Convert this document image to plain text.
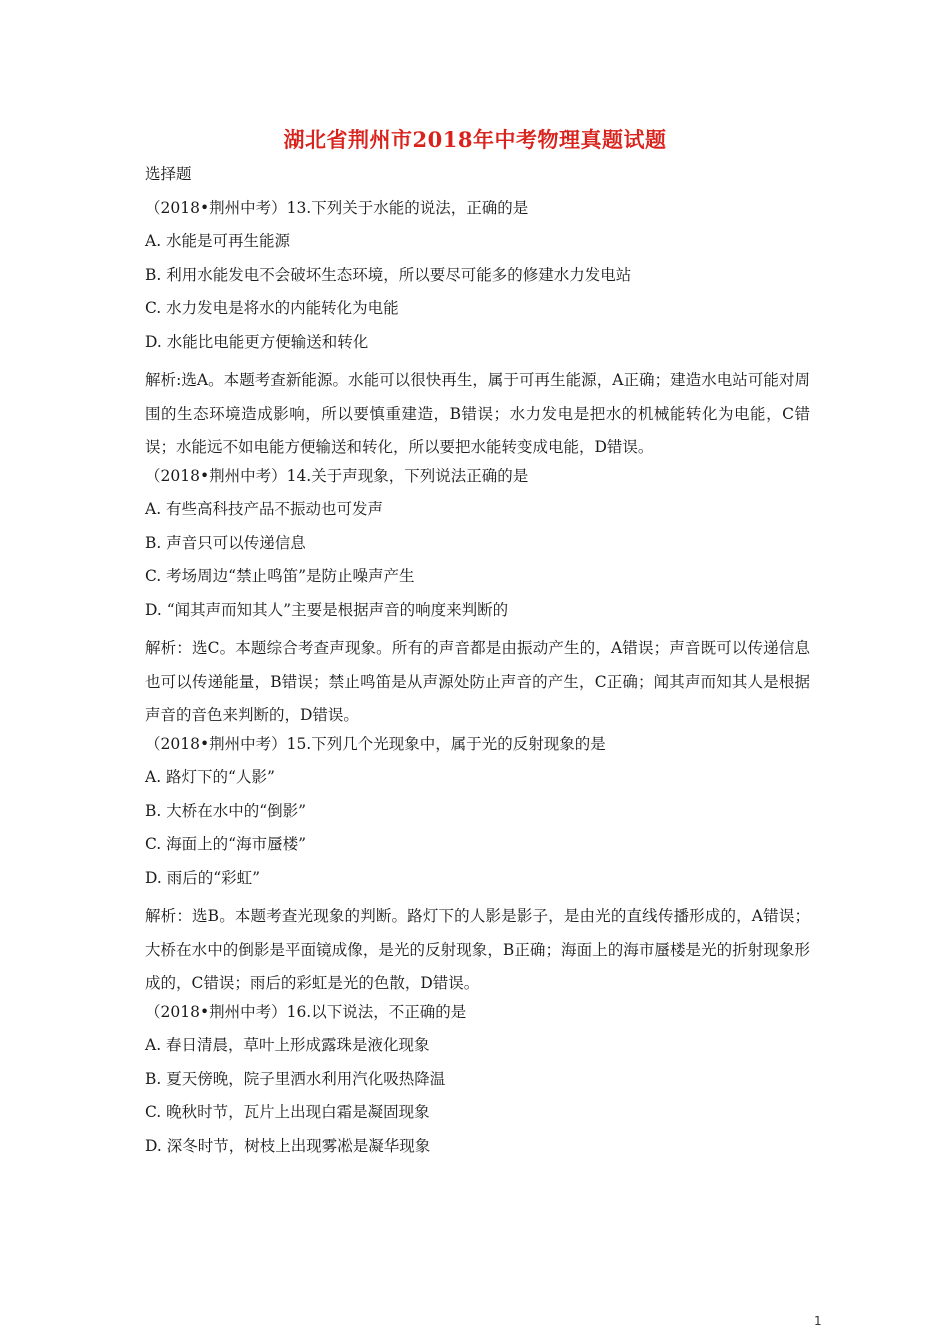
湖北省荆州市2018年中考物理真题试题
选择题
（2018•荆州中考）13.下列关于水能的说法，正确的是
A. 水能是可再生能源
B. 利用水能发电不会破坏生态环境，所以要尽可能多的修建水力发电站
C. 水力发电是将水的内能转化为电能
D. 水能比电能更方便输送和转化
解析:选A。本题考查新能源。水能可以很快再生，属于可再生能源，A正确；建造水电站可能对周围的生态环境造成影响，所以要慎重建造，B错误；水力发电是把水的机械能转化为电能，C错误；水能远不如电能方便输送和转化，所以要把水能转变成电能，D错误。
（2018•荆州中考）14.关于声现象，下列说法正确的是
A. 有些高科技产品不振动也可发声
B. 声音只可以传递信息
C. 考场周边“禁止鸣笛”是防止噪声产生
D. “闻其声而知其人”主要是根据声音的响度来判断的
解析：选C。本题综合考查声现象。所有的声音都是由振动产生的，A错误；声音既可以传递信息也可以传递能量，B错误；禁止鸣笛是从声源处防止声音的产生，C正确；闻其声而知其人是根据声音的音色来判断的，D错误。
（2018•荆州中考）15.下列几个光现象中，属于光的反射现象的是
A. 路灯下的“人影”
B. 大桥在水中的“倒影”
C. 海面上的“海市蜃楼”
D. 雨后的“彩虹”
解析：选B。本题考查光现象的判断。路灯下的人影是影子，是由光的直线传播形成的，A错误；大桥在水中的倒影是平面镜成像，是光的反射现象，B正确；海面上的海市蜃楼是光的折射现象形成的，C错误；雨后的彩虹是光的色散，D错误。
（2018•荆州中考）16.以下说法，不正确的是
A. 春日清晨，草叶上形成露珠是液化现象
B. 夏天傍晚，院子里洒水利用汽化吸热降温
C. 晚秋时节，瓦片上出现白霜是凝固现象
D. 深冬时节，树枝上出现雾凇是凝华现象
1
